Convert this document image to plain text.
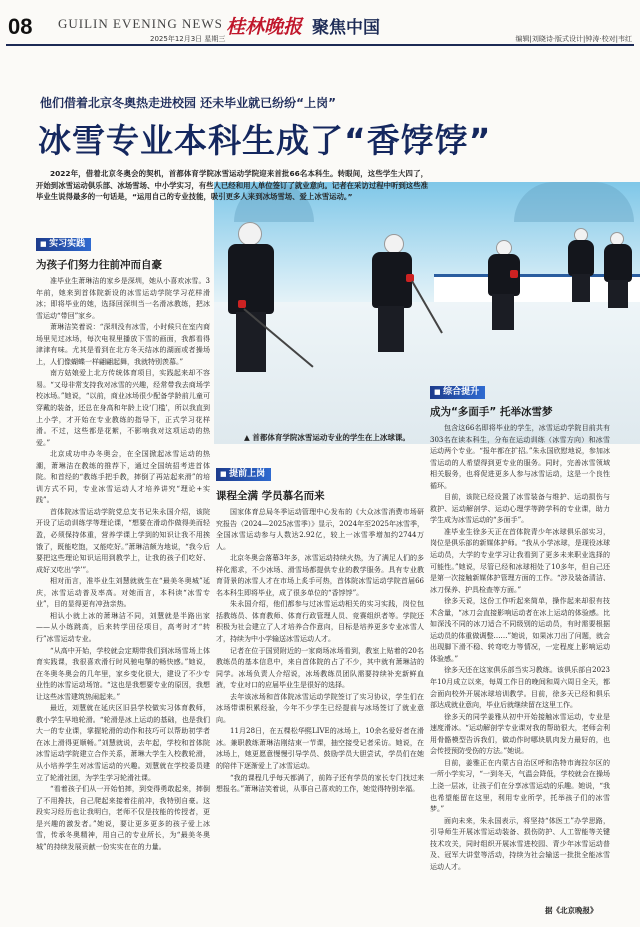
08 GUILIN EVENING NEWS 桂林晚报 聚焦中国
2025年12月3日 星期三	编辑|刘晓诗·版式设计|钟涛·校对|韦红
他们借着北京冬奥热走进校园 还未毕业就已纷纷“上岗”
冰雪专业本科生成了“香饽饽”
2022年，借着北京冬奥会的契机，首都体育学院冰雪运动学院迎来首批66名本科生。转眼间，这些学生大四了，开始到冰雪运动俱乐部、冰场雪场、中小学实习，有些人已经和用人单位签订了就业意向。记者在采访过程中听到这些准毕业生说得最多的一句话是，“运用自己的专业技能，吸引更多人来到冰场雪场、爱上冰雪运动。”
▲ 首都体育学院冰雪运动专业的学生在上冰球课。
■ 实习实践
为孩子们努力往前冲而自豪

准毕业生萧琳洁的家乡是深圳，她从小喜欢冰雪。3年前，她来到首体院新设的冰雪运动学院学习花样滑冰；即将毕业的她，选择回深圳当一名滑冰教练，把冰雪运动“带回”家乡。

萧琳洁笑着说：“深圳没有冰雪，小时候只在室内商场里见过冰场，每次电视里播放下雪的画面，我都看得津津有味。尤其是看到在北方冬天结冰的湖面或者操场上，人们像蝴蝶一样翩翩起舞，我就特别羡慕。”

南方姑娘爱上北方传统体育项目，实践起来却不容易。“又母非常支持我对冰雪的兴趣，经常带我去商场学校冰场。”她说，“以前，商业冰场很少配备学龄前儿童可穿戴的装备，还总在身高和年龄上设‘门槛’，所以我直到上小学，才开始在专业教练的指导下，正式学习花样滑。不过，这些都是花絮，不影响我对这项运动的热爱。”

北京成功申办冬奥会，在全国掀起冰雪运动的热潮，萧琳洁在教练的推荐下，通过全国统招考进首体院。和首经的“教练手把手教，摔倒了再站起来滑”的培训方式不同，专业冰雪运动人才培养讲究“理论+实践”。

首体院冰雪运动学院党总支书记朱永国介绍，该院开设了运动训练学等理论课，“想要在滑动作做得美而轻盈，必须保持体重，营养学课上学到的知识让我不用挨饿了，既能吃饱，又能吃好。”萧琳洁颇为地说，“我今后要把这些理论知识运用到教学上，让我的孩子们吃好、成好又吃出‘学’”。

相对而言，准毕业生刘慧就就生在“最美冬奥城”延庆，冰雪运动普及率高。对她而言，本科读“冰雪专业”，目的显得更有冲劲亲热。

相认小就上冰的萧琳洁不同，刘慧就是半路出家——从小练跳高，后来转学田径项目，高考时才“转行”冰雪运动专业。

“从高中开始，学校就会定期带我们到冰场雪场上体育实践课，我很喜欢滑行时风驰电掣的畅快感。”她说，在冬奥冬奥会的几年里，家乡变化很大，建设了不少专业性的冰雪运动场馆。“这也是我想要专业的原因，我想让这些冰雪建筑热闹起来。”

最近，刘慧就在延庆区旧县学校做实习体育教师，教小学生早地轮滑。“轮滑是冰上运动的基础，也是我们大一的专业课，掌握轮滑的动作和技巧可以帮助初学者在冰上滑得更顺畅。”刘慧就说，去年起，学校和首体院冰雪运动学院建立合作关系，萧琳大学生入校教轮滑，从小培养学生对冰雪运动的兴趣。刘慧就在学校委员建立了轮滑社团，为学生学习轮滑社课。

“看着孩子们从一开始怕摔，到变得勇敢起来，摔倒了不用搀扶，自己爬起来接着往前冲，我特别自豪。这段实习经历也让我明白，老师不仅是技能的传授者，更是兴趣的激发者。”她说，要让更多更多的孩子爱上冰雪，传承冬奥精神，用自己的专业所长，为“最美冬奥城”的持续发展贡献一份实实在在的力量。

■ 提前上岗
课程全满 学员慕名而来

国家体育总局冬季运动管理中心发布的《大众冰雪消费市场研究报告（2024—2025冰雪季）》显示，2024年至2025年冰雪季，全国冰雪运动参与人数达2.92亿，较上一冰雪季增加约2744万人。

北京冬奥会落幕3年多，冰雪运动持续火热，为了满足人们的多样化需求，不少冰场、滑雪场都提供专业的教学服务。具有专业教育背景的冰雪人才在市场上炙手可热，首体院冰雪运动学院首届66名本科生即将毕业，成了很多单位的“香饽饽”。

朱永国介绍，他们都参与过冰雪运动相关的实习实践，岗位包括教练员、体育教师、体育行政管理人员、竞赛组织者等。学院还积极为社会建立了人才培养合作意向，目标是培养更多专业冰雪人才，持续为中小学输送冰雪运动人才。

记者在位于国贸附近的一家商场冰场看到，教室上贴着的20名教练员的基本信息中，来自首体院的占了不少，其中就有萧琳洁的同学。冰场负责人介绍说，冰场教练员团队需要持续补充新鲜血液，专业对口的应届毕业生是很好的选择。

去年该冰场和首体院冰雪运动学院签订了实习协议，学生们在冰场带课积累经验，今年不少学生已经提前与冰场签订了就业意向。

11月28日，在五棵松华熙LIVE的冰场上，10余名爱好者在滑冰。兼职教练萧琳洁刚结束一节课，抽空接受记者采访。她说，在冰场上，她更愿意慢慢引导学员、鼓励学员大胆尝试，学员们在她的陪伴下逐渐爱上了冰雪运动。

“我的课程几乎每天都满了，前阵子还有学员的家长专门找过来想报名。”萧琳洁笑着说，从事自己喜欢的工作，她觉得特别幸福。

■ 综合提升
成为“多面手” 托举冰雪梦

包含这66名即将毕业的学生，冰雪运动学院目前共有303名在读本科生，分布在运动训练（冰雪方向）和冰雪运动两个专业。“报年都在扩招。”朱永国欣慰地说，参加冰雪运动的人希望得到更专业的服务。同时，完善冰雪领域相关服务，也将促进更多人参与冰雪运动，这是一个良性循环。

目前，该院已经设置了冰雪装备与维护、运动损伤与救护、运动解剖学、运动心理学等跨学科的专业课，助力学生成为冰雪运动的“多面手”。

准毕业生徐多天正在首体院青少年冰球俱乐部实习，岗位是俱乐部的新媒体护师。“我从小学冰球，是现役冰球运动员，大学的专业学习让我看到了更多未来职业选择的可能性。”她说，尽管已经和冰球相处了10多年，但自己还是第一次接触新媒体护管理方面的工作。“涉及装备清洁、冰刀保养、护具检查等方面。”

徐多天说，这份工作听起来简单，操作起来却很有技术含量，“冰刀会直接影响运动者在冰上运动的体验感。比如深浅不同的冰刀适合不同级别的运动员，有时需要根据运动员的体重做调整……”她说，如果冰刀出了问题，就会出现脚下滑不稳、转弯吃力等情况，一定程度上影响运动体验感。”

徐多天还在这家俱乐部当实习教练。该俱乐部自2023年10月成立以来，每周工作日的晚间和周六周日全天，都会面向校外开展冰球培训教学。目前，徐多天已经和俱乐部达成就业意向，毕业后就继续留在这里工作。

徐多天的同学姜雅从初中开始接触冰雪运动，专业是速度滑冰。“运动解剖学专业课对我的帮助很大，老师会利用骨骼模型告诉我们，做动作时哪块肌肉发力最好的，也会传授预防受伤的方法。”她说。

目前，姜雅正在内蒙古自治区呼和浩特市海拉尔区的一所小学实习，“一到冬天，气温会降低，学校就会在操场上浇一层冰，让孩子们在分享冰雪运动的乐趣。她说，“我也希望能留在这里，利用专业所学，托举孩子们的冰雪梦。”

面向未来，朱永国表示，将坚持“体医工”办学思路，引导师生开展冰雪运动装备、损伤防护、人工智能等关键技术攻关，同时组织开展冰雪进校园、青少年冰雪运动普及、冠军大讲堂等活动，持续为社会输送一批批全能冰雪运动人才。

据《北京晚报》
